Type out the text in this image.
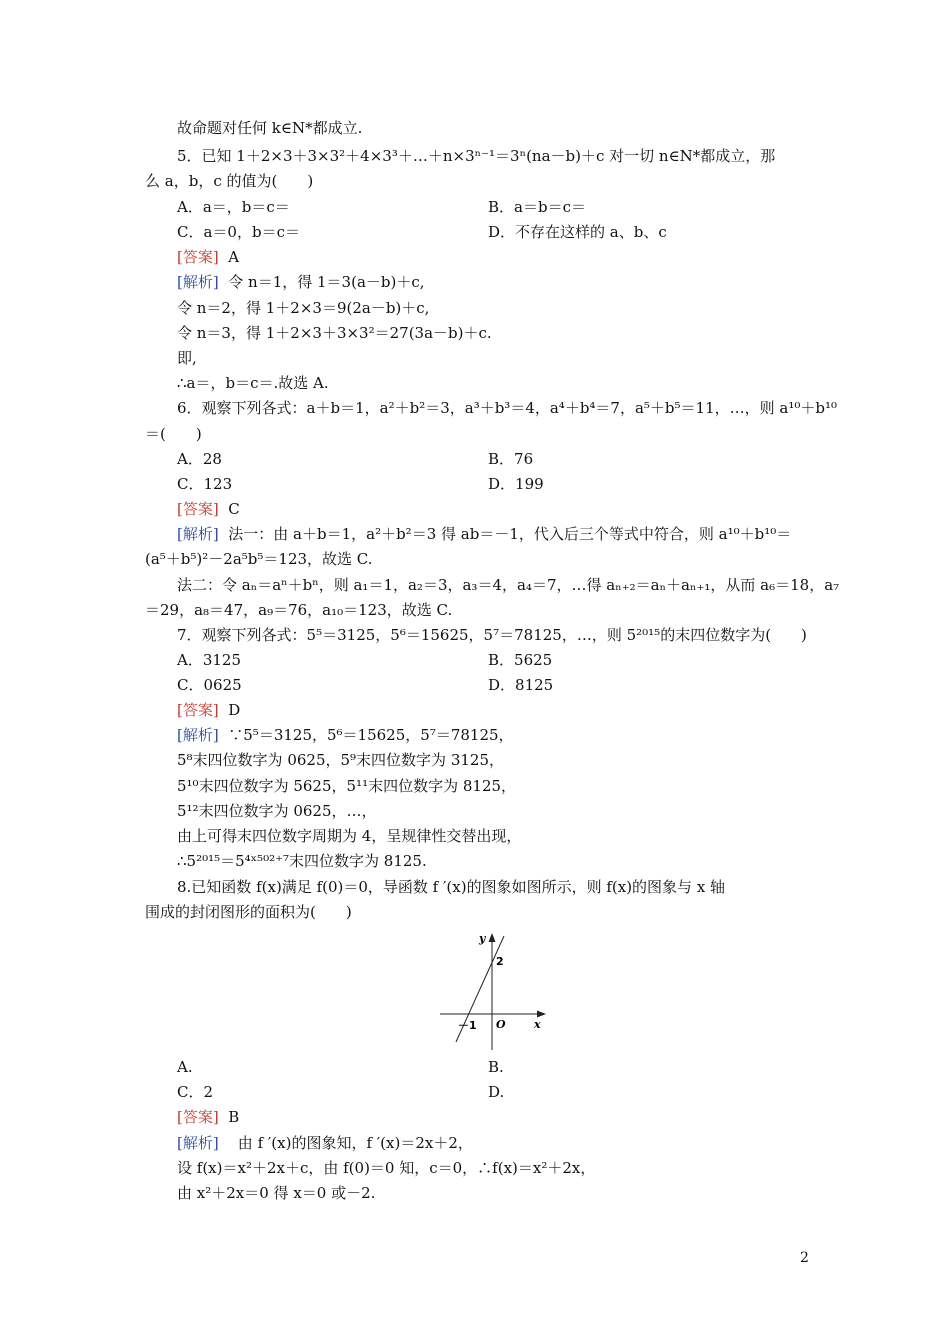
故命题对任何 k∈N*都成立.
5．已知 1＋2×3＋3×3²＋4×3³＋…＋n×3ⁿ⁻¹＝3ⁿ(na－b)＋c 对一切 n∈N*都成立，那
么 a，b，c 的值为(　　)
A．a＝，b＝c＝	B．a＝b＝c＝
C．a＝0，b＝c＝	D．不存在这样的 a、b、c
[答案] A
[解析] 令 n＝1，得 1＝3(a－b)＋c,
令 n＝2，得 1＋2×3＝9(2a－b)＋c,
令 n＝3，得 1＋2×3＋3×3²＝27(3a－b)＋c.
即,
∴a＝，b＝c＝.故选 A.
6．观察下列各式：a＋b＝1，a²＋b²＝3，a³＋b³＝4，a⁴＋b⁴＝7，a⁵＋b⁵＝11，…，则 a¹⁰＋b¹⁰
＝(　　)
A．28	B．76
C．123	D．199
[答案] C
[解析] 法一：由 a＋b＝1，a²＋b²＝3 得 ab＝－1，代入后三个等式中符合，则 a¹⁰＋b¹⁰＝
(a⁵＋b⁵)²－2a⁵b⁵＝123，故选 C.
法二：令 aₙ＝aⁿ＋bⁿ，则 a₁＝1，a₂＝3，a₃＝4，a₄＝7，…得 aₙ₊₂＝aₙ＋aₙ₊₁，从而 a₆＝18，a₇
＝29，a₈＝47，a₉＝76，a₁₀＝123，故选 C.
7．观察下列各式：5⁵＝3125，5⁶＝15625，5⁷＝78125，…，则 5²⁰¹⁵的末四位数字为(　　)
A．3125	B．5625
C．0625	D．8125
[答案] D
[解析] ∵5⁵＝3125，5⁶＝15625，5⁷＝78125，
5⁸末四位数字为 0625，5⁹末四位数字为 3125，
5¹⁰末四位数字为 5625，5¹¹末四位数字为 8125，
5¹²末四位数字为 0625，…，
由上可得末四位数字周期为 4，呈规律性交替出现，
∴5²⁰¹⁵＝5⁴ˣ⁵⁰²⁺⁷末四位数字为 8125.
8.已知函数 f(x)满足 f(0)＝0，导函数 f ′(x)的图象如图所示，则 f(x)的图象与 x 轴
围成的封闭图形的面积为(　　)
y
x
O
2
－1
A.	B.
C．2	D.
[答案] B
[解析] 由 f ′(x)的图象知，f ′(x)＝2x＋2，
设 f(x)＝x²＋2x＋c，由 f(0)＝0 知，c＝0，∴f(x)＝x²＋2x，
由 x²＋2x＝0 得 x＝0 或－2.
2
